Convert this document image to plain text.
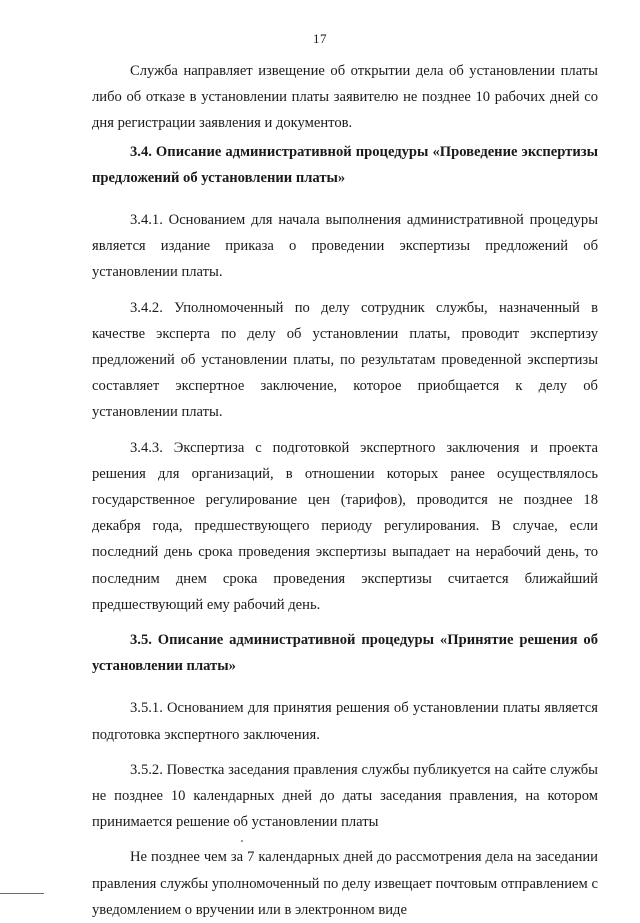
17

Служба направляет извещение об открытии дела об установлении платы либо об отказе в установлении платы заявителю не позднее 10 рабочих дней со дня регистрации заявления и документов.

3.4. Описание административной процедуры «Проведение экспертизы предложений об установлении платы»

3.4.1. Основанием для начала выполнения административной процедуры является издание приказа о проведении экспертизы предложений об установлении платы.

3.4.2. Уполномоченный по делу сотрудник службы, назначенный в качестве эксперта по делу об установлении платы, проводит экспертизу предложений об установлении платы, по результатам проведенной экспертизы составляет экспертное заключение, которое приобщается к делу об установлении платы.

3.4.3. Экспертиза с подготовкой экспертного заключения и проекта решения для организаций, в отношении которых ранее осуществлялось государственное регулирование цен (тарифов), проводится не позднее 18 декабря года, предшествующего периоду регулирования. В случае, если последний день срока проведения экспертизы выпадает на нерабочий день, то последним днем срока проведения экспертизы считается ближайший предшествующий ему рабочий день.

3.5. Описание административной процедуры «Принятие решения об установлении платы»

3.5.1. Основанием для принятия решения об установлении платы является подготовка экспертного заключения.

3.5.2. Повестка заседания правления службы публикуется на сайте службы не позднее 10 календарных дней до даты заседания правления, на котором принимается решение об установлении платы

Не позднее чем за 7 календарных дней до рассмотрения дела на заседании правления службы уполномоченный по делу извещает почтовым отправлением с уведомлением о вручении или в электронном виде
